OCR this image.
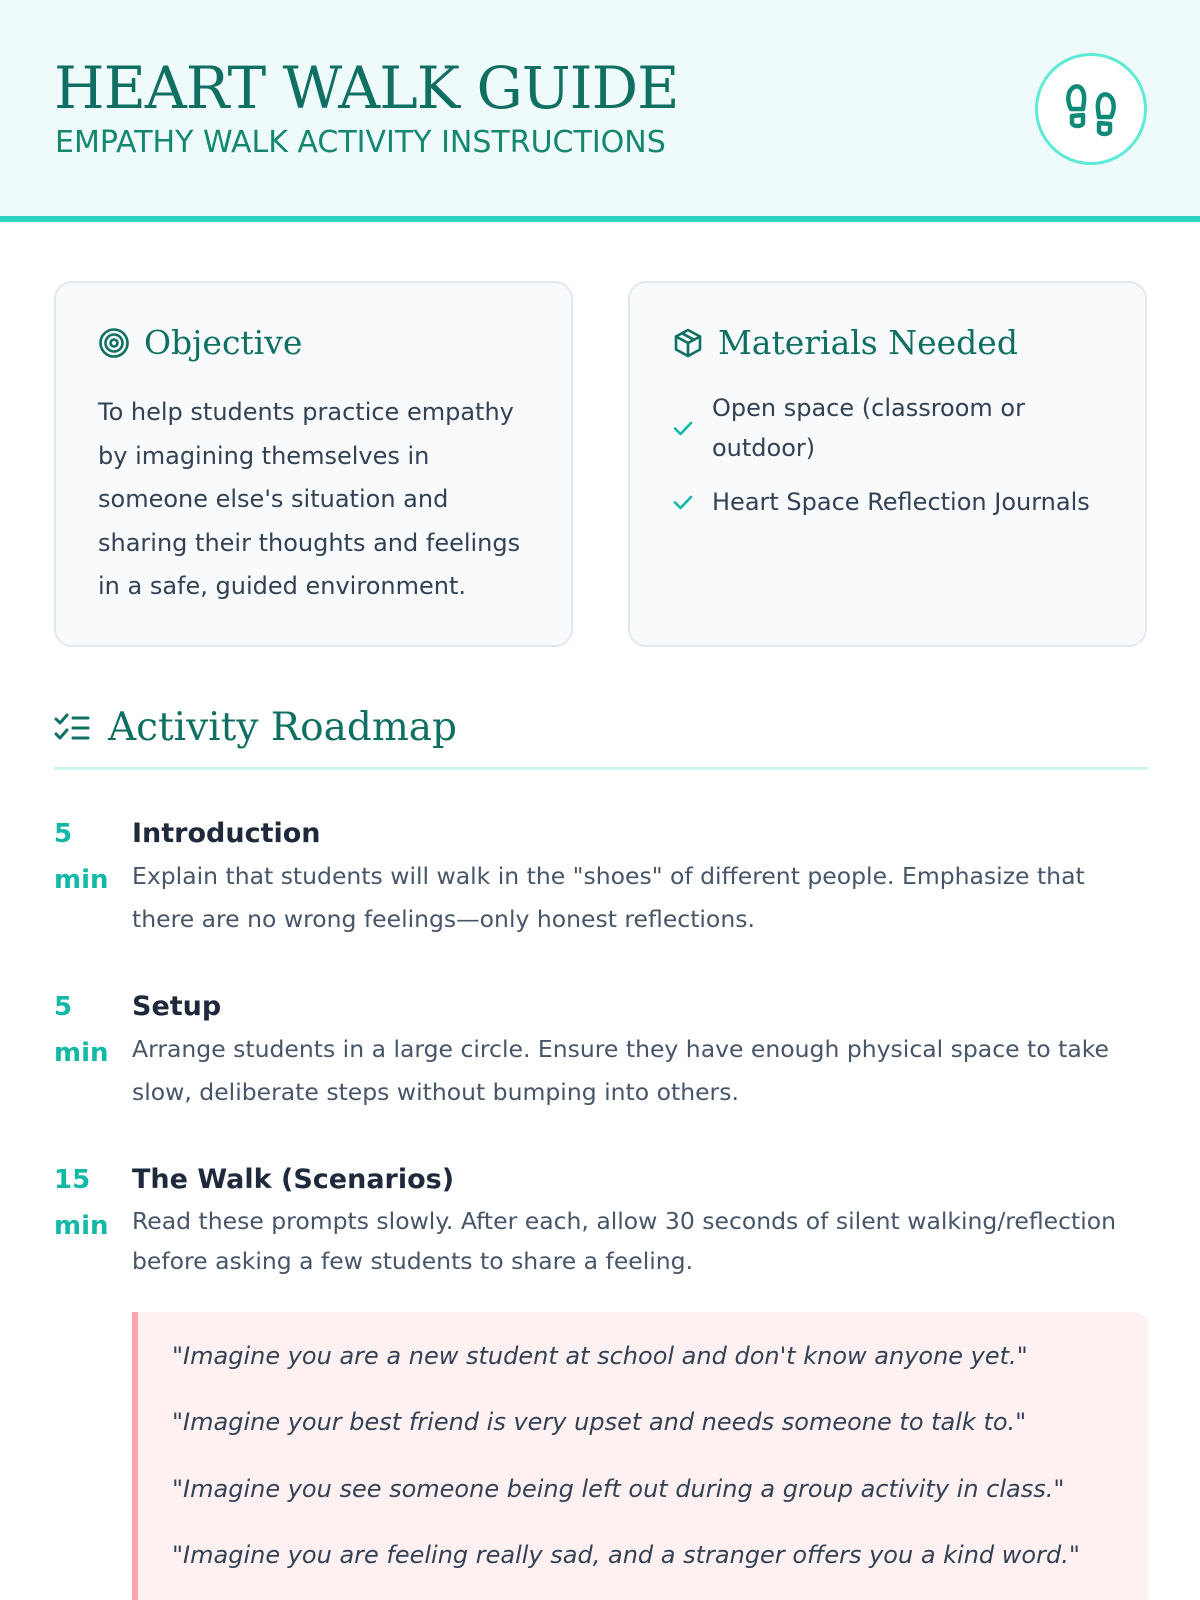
HEART WALK GUIDE
EMPATHY WALK ACTIVITY INSTRUCTIONS
Objective
To help students practice empathy by imagining themselves in someone else's situation and sharing their thoughts and feelings in a safe, guided environment.
Materials Needed
Open space (classroom or outdoor)
Heart Space Reflection Journals
Activity Roadmap
5
min
Introduction
Explain that students will walk in the "shoes" of different people. Emphasize that there are no wrong feelings—only honest reflections.
5
min
Setup
Arrange students in a large circle. Ensure they have enough physical space to take slow, deliberate steps without bumping into others.
15
min
The Walk (Scenarios)
Read these prompts slowly. After each, allow 30 seconds of silent walking/reflection before asking a few students to share a feeling.

"Imagine you are a new student at school and don't know anyone yet."

"Imagine your best friend is very upset and needs someone to talk to."

"Imagine you see someone being left out during a group activity in class."

"Imagine you are feeling really sad, and a stranger offers you a kind word."
